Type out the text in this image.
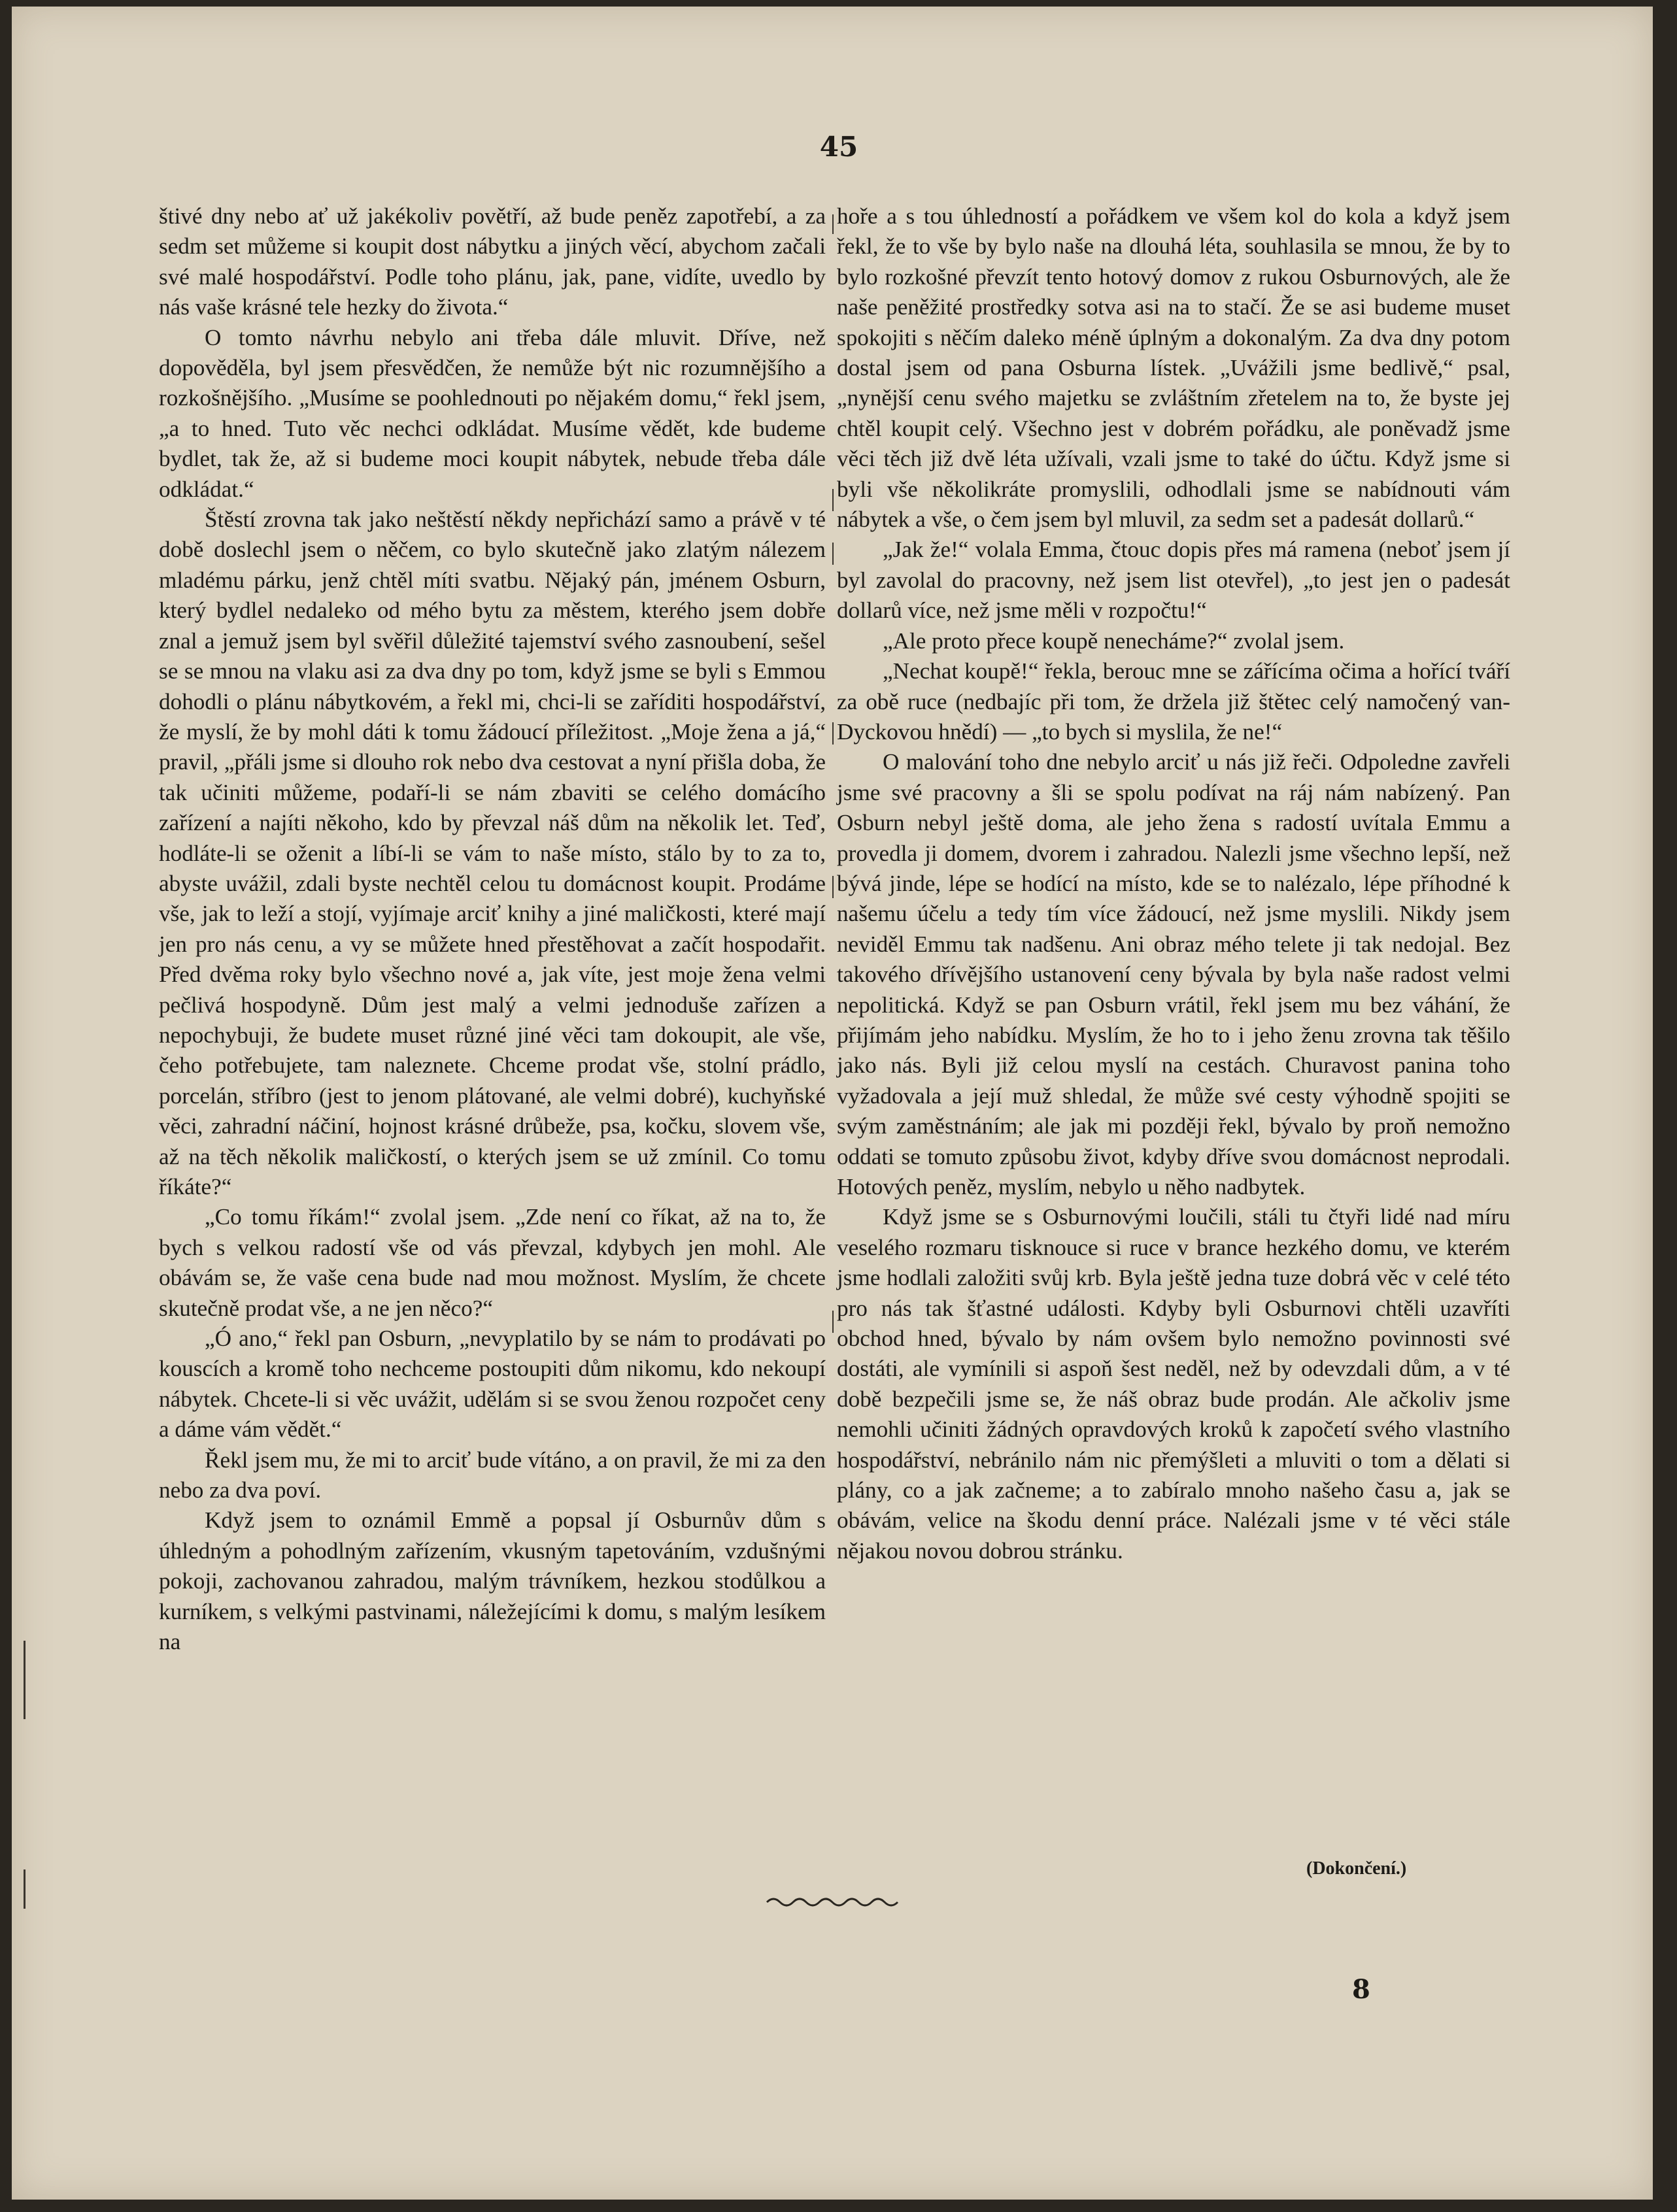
45

štivé dny nebo ať už jakékoliv povětří, až bude peněz zapotřebí, a za sedm set můžeme si koupit dost nábytku a jiných věcí, abychom začali své malé hospodářství. Podle toho plánu, jak, pane, vidíte, uvedlo by nás vaše krásné tele hezky do života.“

O tomto návrhu nebylo ani třeba dále mluvit. Dříve, než dopověděla, byl jsem přesvědčen, že nemůže být nic rozumnějšího a rozkošnějšího. „Musíme se poohlednouti po nějakém domu,“ řekl jsem, „a to hned. Tuto věc nechci odkládat. Musíme vědět, kde budeme bydlet, tak že, až si budeme moci koupit nábytek, nebude třeba dále odkládat.“

Štěstí zrovna tak jako neštěstí někdy nepřichází samo a právě v té době doslechl jsem o něčem, co bylo skutečně jako zlatým nálezem mladému párku, jenž chtěl míti svatbu. Nějaký pán, jménem Osburn, který bydlel nedaleko od mého bytu za městem, kterého jsem dobře znal a jemuž jsem byl svěřil důležité tajemství svého zasnoubení, sešel se se mnou na vlaku asi za dva dny po tom, když jsme se byli s Emmou dohodli o plánu nábytkovém, a řekl mi, chci-li se zaříditi hospodářství, že myslí, že by mohl dáti k tomu žádoucí příležitost. „Moje žena a já,“ pravil, „přáli jsme si dlouho rok nebo dva cestovat a nyní přišla doba, že tak učiniti můžeme, podaří-li se nám zbaviti se celého domácího zařízení a najíti někoho, kdo by převzal náš dům na několik let. Teď, hodláte-li se oženit a líbí-li se vám to naše místo, stálo by to za to, abyste uvážil, zdali byste nechtěl celou tu domácnost koupit. Prodáme vše, jak to leží a stojí, vyjímaje arciť knihy a jiné maličkosti, které mají jen pro nás cenu, a vy se můžete hned přestěhovat a začít hospodařit. Před dvěma roky bylo všechno nové a, jak víte, jest moje žena velmi pečlivá hospodyně. Dům jest malý a velmi jednoduše zařízen a nepochybuji, že budete muset různé jiné věci tam dokoupit, ale vše, čeho potřebujete, tam naleznete. Chceme prodat vše, stolní prádlo, porcelán, stříbro (jest to jenom plátované, ale velmi dobré), kuchyňské věci, zahradní náčiní, hojnost krásné drůbeže, psa, kočku, slovem vše, až na těch několik maličkostí, o kterých jsem se už zmínil. Co tomu říkáte?“

„Co tomu říkám!“ zvolal jsem. „Zde není co říkat, až na to, že bych s velkou radostí vše od vás převzal, kdybych jen mohl. Ale obávám se, že vaše cena bude nad mou možnost. Myslím, že chcete skutečně prodat vše, a ne jen něco?“

„Ó ano,“ řekl pan Osburn, „nevyplatilo by se nám to prodávati po kouscích a kromě toho nechceme postoupiti dům nikomu, kdo nekoupí nábytek. Chcete-li si věc uvážit, udělám si se svou ženou rozpočet ceny a dáme vám vědět.“

Řekl jsem mu, že mi to arciť bude vítáno, a on pravil, že mi za den nebo za dva poví.

Když jsem to oznámil Emmě a popsal jí Osburnův dům s úhledným a pohodlným zařízením, vkusným tapetováním, vzdušnými pokoji, zachovanou zahradou, malým trávníkem, hezkou stodůlkou a kurníkem, s velkými pastvinami, náležejícími k domu, s malým lesíkem na

hoře a s tou úhledností a pořádkem ve všem kol do kola a když jsem řekl, že to vše by bylo naše na dlouhá léta, souhlasila se mnou, že by to bylo rozkošné převzít tento hotový domov z rukou Osburnových, ale že naše peněžité prostředky sotva asi na to stačí. Že se asi budeme muset spokojiti s něčím daleko méně úplným a dokonalým. Za dva dny potom dostal jsem od pana Osburna lístek. „Uvážili jsme bedlivě,“ psal, „nynější cenu svého majetku se zvláštním zřetelem na to, že byste jej chtěl koupit celý. Všechno jest v dobrém pořádku, ale poněvadž jsme věci těch již dvě léta užívali, vzali jsme to také do účtu. Když jsme si byli vše několikráte promyslili, odhodlali jsme se nabídnouti vám nábytek a vše, o čem jsem byl mluvil, za sedm set a padesát dollarů.“

„Jak že!“ volala Emma, čtouc dopis přes má ramena (neboť jsem jí byl zavolal do pracovny, než jsem list otevřel), „to jest jen o padesát dollarů více, než jsme měli v rozpočtu!“

„Ale proto přece koupě nenecháme?“ zvolal jsem.

„Nechat koupě!“ řekla, berouc mne se zářícíma očima a hořící tváří za obě ruce (nedbajíc při tom, že držela již štětec celý namočený van-Dyckovou hnědí) — „to bych si myslila, že ne!“

O malování toho dne nebylo arciť u nás již řeči. Odpoledne zavřeli jsme své pracovny a šli se spolu podívat na ráj nám nabízený. Pan Osburn nebyl ještě doma, ale jeho žena s radostí uvítala Emmu a provedla ji domem, dvorem i zahradou. Nalezli jsme všechno lepší, než bývá jinde, lépe se hodící na místo, kde se to nalézalo, lépe příhodné k našemu účelu a tedy tím více žádoucí, než jsme myslili. Nikdy jsem neviděl Emmu tak nadšenu. Ani obraz mého telete ji tak nedojal. Bez takového dřívějšího ustanovení ceny bývala by byla naše radost velmi nepolitická. Když se pan Osburn vrátil, řekl jsem mu bez váhání, že přijímám jeho nabídku. Myslím, že ho to i jeho ženu zrovna tak těšilo jako nás. Byli již celou myslí na cestách. Churavost panina toho vyžadovala a její muž shledal, že může své cesty výhodně spojiti se svým zaměstnáním; ale jak mi později řekl, bývalo by proň nemožno oddati se tomuto způsobu život, kdyby dříve svou domácnost neprodali. Hotových peněz, myslím, nebylo u něho nadbytek.

Když jsme se s Osburnovými loučili, stáli tu čtyři lidé nad míru veselého rozmaru tisknouce si ruce v brance hezkého domu, ve kterém jsme hodlali založiti svůj krb. Byla ještě jedna tuze dobrá věc v celé této pro nás tak šťastné události. Kdyby byli Osburnovi chtěli uzavříti obchod hned, bývalo by nám ovšem bylo nemožno povinnosti své dostáti, ale vymínili si aspoň šest neděl, než by odevzdali dům, a v té době bezpečili jsme se, že náš obraz bude prodán. Ale ačkoliv jsme nemohli učiniti žádných opravdových kroků k započetí svého vlastního hospodářství, nebránilo nám nic přemýšleti a mluviti o tom a dělati si plány, co a jak začneme; a to zabíralo mnoho našeho času a, jak se obávám, velice na škodu denní práce. Nalézali jsme v té věci stále nějakou novou dobrou stránku.

(Dokončení.)
8
